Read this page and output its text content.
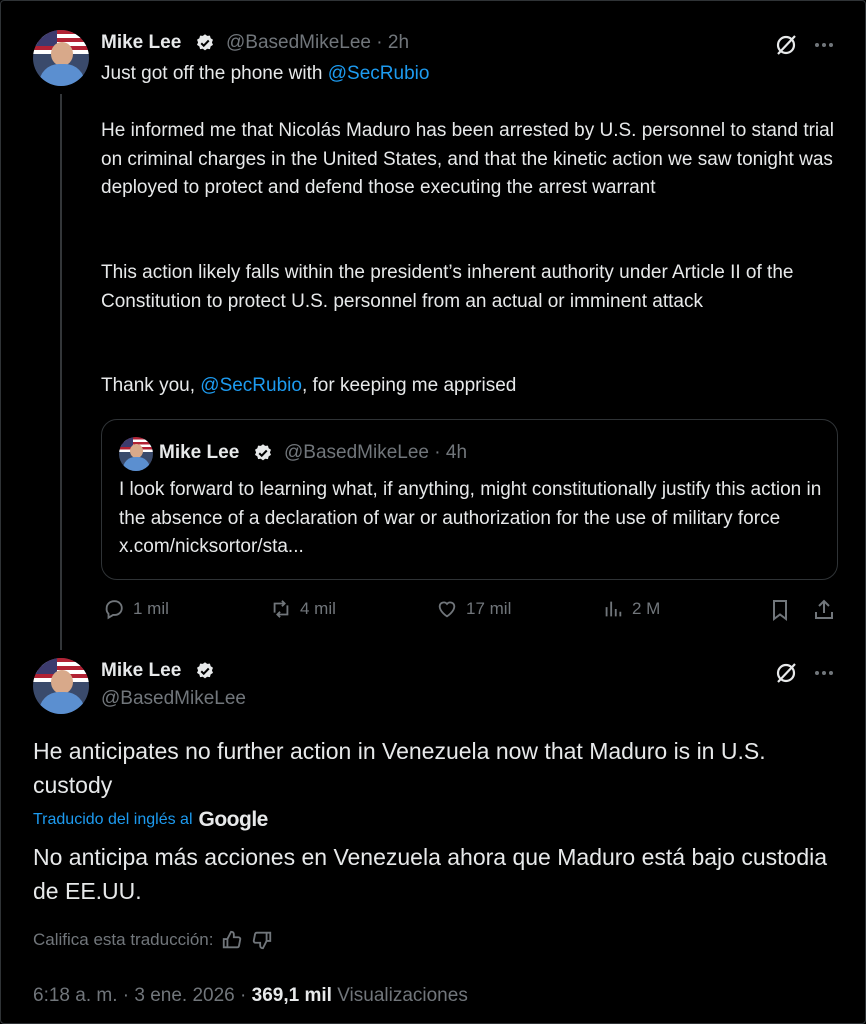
Mike Lee @BasedMikeLee · 2h
Just got off the phone with @SecRubio
He informed me that Nicolás Maduro has been arrested by U.S. personnel to stand trial on criminal charges in the United States, and that the kinetic action we saw tonight was deployed to protect and defend those executing the arrest warrant
This action likely falls within the president’s inherent authority under Article II of the Constitution to protect U.S. personnel from an actual or imminent attack
Thank you, @SecRubio, for keeping me apprised
Mike Lee @BasedMikeLee · 4h
I look forward to learning what, if anything, might constitutionally justify this action in the absence of a declaration of war or authorization for the use of military force x.com/nicksortor/sta...
1 mil	4 mil	17 mil	2 M
Mike Lee
@BasedMikeLee
He anticipates no further action in Venezuela now that Maduro is in U.S. custody
Traducido del inglés al Google
No anticipa más acciones en Venezuela ahora que Maduro está bajo custodia de EE.UU.
Califica esta traducción:
6:18 a. m. · 3 ene. 2026 · 369,1 mil Visualizaciones
